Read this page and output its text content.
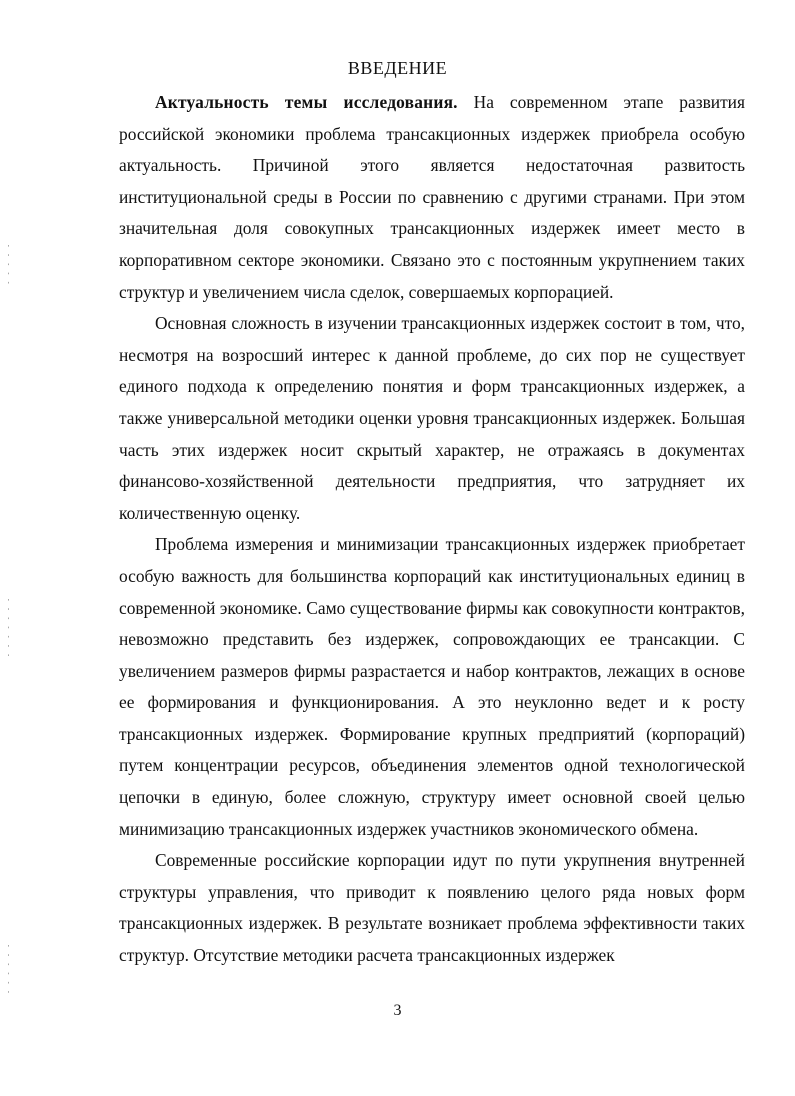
- - - - -
- - - - - - -
- - - - - -
ВВЕДЕНИЕ

Актуальность темы исследования. На современном этапе развития российской экономики проблема трансакционных издержек приобрела особую актуальность. Причиной этого является недостаточная развитость институциональной среды в России по сравнению с другими странами. При этом значительная доля совокупных трансакционных издержек имеет место в корпоративном секторе экономики. Связано это с постоянным укрупнением таких структур и увеличением числа сделок, совершаемых корпорацией.

Основная сложность в изучении трансакционных издержек состоит в том, что, несмотря на возросший интерес к данной проблеме, до сих пор не существует единого подхода к определению понятия и форм трансакционных издержек, а также универсальной методики оценки уровня трансакционных издержек. Большая часть этих издержек носит скрытый характер, не отражаясь в документах финансово-хозяйственной деятельности предприятия, что затрудняет их количественную оценку.

Проблема измерения и минимизации трансакционных издержек приобретает особую важность для большинства корпораций как институциональных единиц в современной экономике. Само существование фирмы как совокупности контрактов, невозможно представить без издержек, сопровождающих ее трансакции. С увеличением размеров фирмы разрастается и набор контрактов, лежащих в основе ее формирования и функционирования. А это неуклонно ведет и к росту трансакционных издержек. Формирование крупных предприятий (корпораций) путем концентрации ресурсов, объединения элементов одной технологической цепочки в единую, более сложную, структуру имеет основной своей целью минимизацию трансакционных издержек участников экономического обмена.

Современные российские корпорации идут по пути укрупнения внутренней структуры управления, что приводит к появлению целого ряда новых форм трансакционных издержек. В результате возникает проблема эффективности таких структур. Отсутствие методики расчета трансакционных издержек

3
